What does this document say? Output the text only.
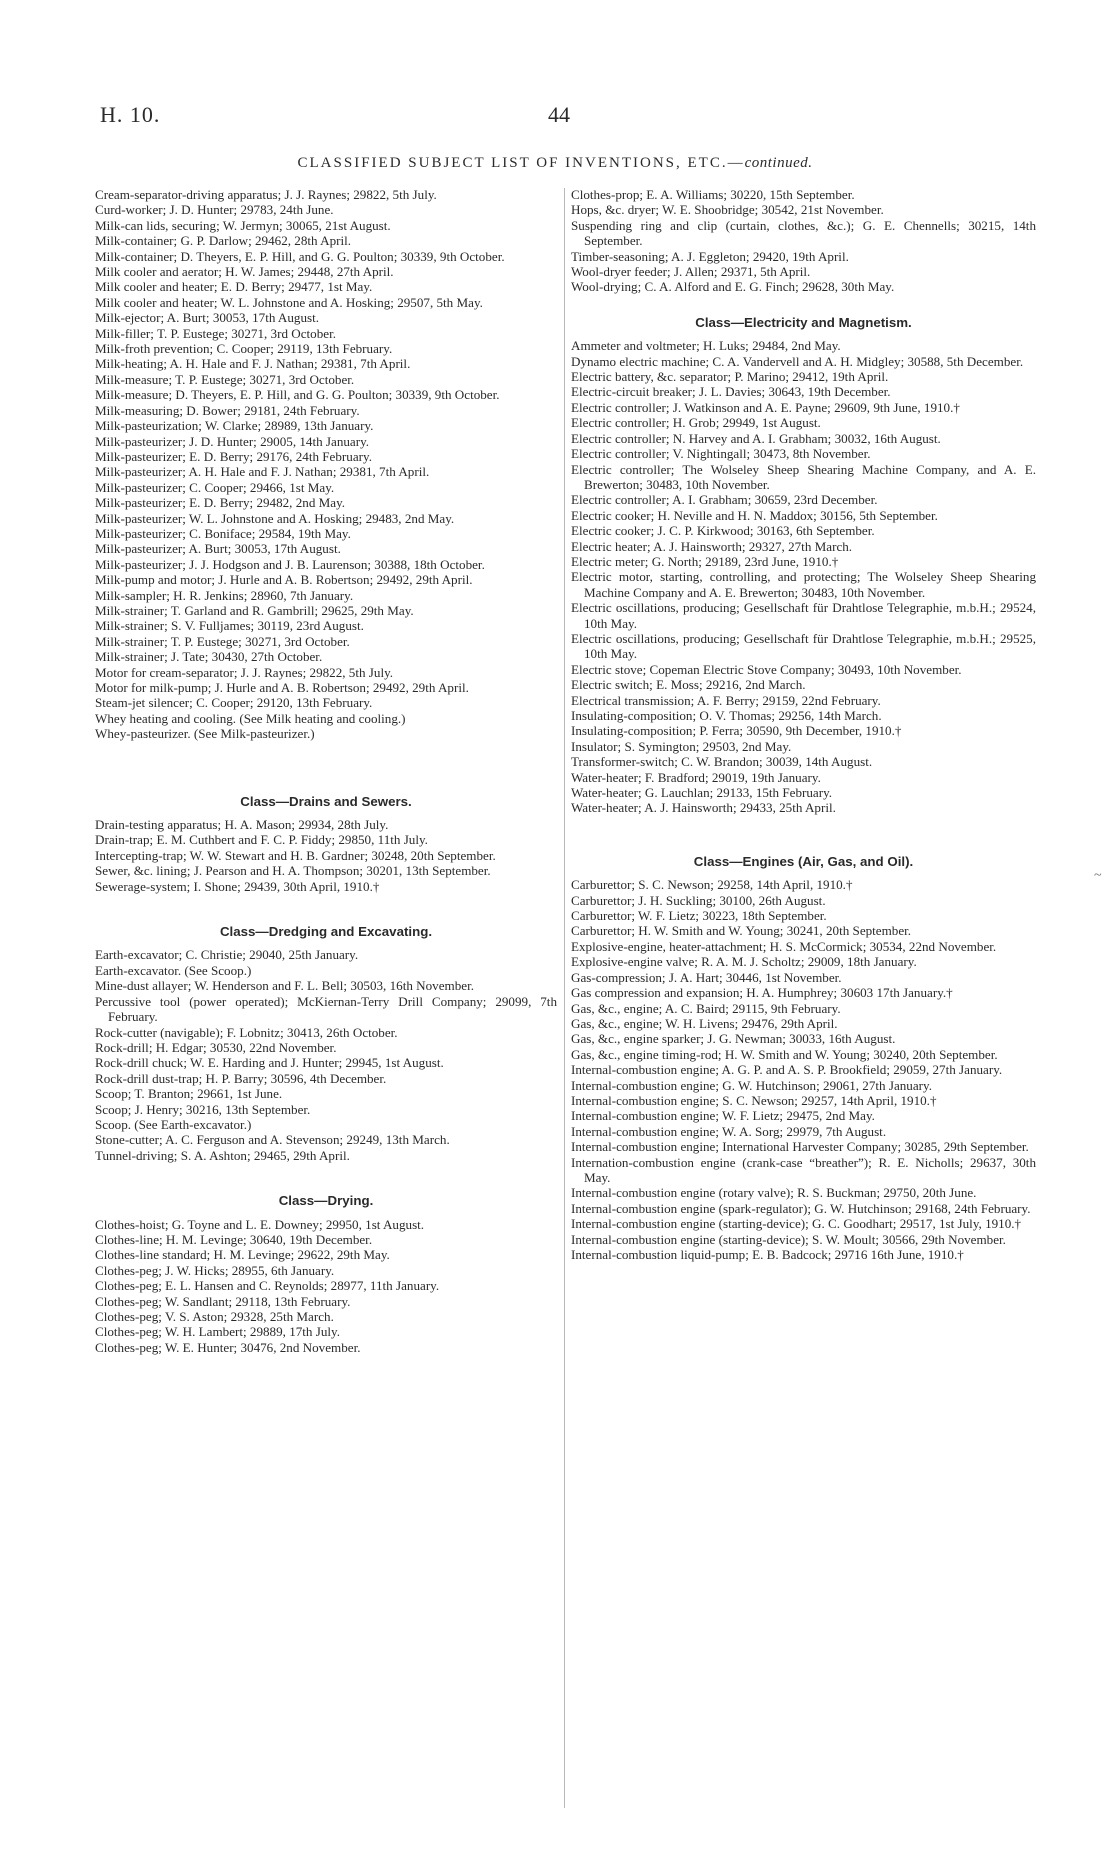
H. 10.	44
CLASSIFIED SUBJECT LIST OF INVENTIONS, ETC.—continued.

Cream-separator-driving apparatus; J. J. Raynes; 29822, 5th July.

Curd-worker; J. D. Hunter; 29783, 24th June.

Milk-can lids, securing; W. Jermyn; 30065, 21st August.

Milk-container; G. P. Darlow; 29462, 28th April.

Milk-container; D. Theyers, E. P. Hill, and G. G. Poulton; 30339, 9th October.

Milk cooler and aerator; H. W. James; 29448, 27th April.

Milk cooler and heater; E. D. Berry; 29477, 1st May.

Milk cooler and heater; W. L. Johnstone and A. Hosking; 29507, 5th May.

Milk-ejector; A. Burt; 30053, 17th August.

Milk-filler; T. P. Eustege; 30271, 3rd October.

Milk-froth prevention; C. Cooper; 29119, 13th February.

Milk-heating; A. H. Hale and F. J. Nathan; 29381, 7th April.

Milk-measure; T. P. Eustege; 30271, 3rd October.

Milk-measure; D. Theyers, E. P. Hill, and G. G. Poulton; 30339, 9th October.

Milk-measuring; D. Bower; 29181, 24th February.

Milk-pasteurization; W. Clarke; 28989, 13th January.

Milk-pasteurizer; J. D. Hunter; 29005, 14th January.

Milk-pasteurizer; E. D. Berry; 29176, 24th February.

Milk-pasteurizer; A. H. Hale and F. J. Nathan; 29381, 7th April.

Milk-pasteurizer; C. Cooper; 29466, 1st May.

Milk-pasteurizer; E. D. Berry; 29482, 2nd May.

Milk-pasteurizer; W. L. Johnstone and A. Hosking; 29483, 2nd May.

Milk-pasteurizer; C. Boniface; 29584, 19th May.

Milk-pasteurizer; A. Burt; 30053, 17th August.

Milk-pasteurizer; J. J. Hodgson and J. B. Laurenson; 30388, 18th October.

Milk-pump and motor; J. Hurle and A. B. Robertson; 29492, 29th April.

Milk-sampler; H. R. Jenkins; 28960, 7th January.

Milk-strainer; T. Garland and R. Gambrill; 29625, 29th May.

Milk-strainer; S. V. Fulljames; 30119, 23rd August.

Milk-strainer; T. P. Eustege; 30271, 3rd October.

Milk-strainer; J. Tate; 30430, 27th October.

Motor for cream-separator; J. J. Raynes; 29822, 5th July.

Motor for milk-pump; J. Hurle and A. B. Robertson; 29492, 29th April.

Steam-jet silencer; C. Cooper; 29120, 13th February.

Whey heating and cooling. (See Milk heating and cooling.)

Whey-pasteurizer. (See Milk-pasteurizer.)

Class—Drains and Sewers.

Drain-testing apparatus; H. A. Mason; 29934, 28th July.

Drain-trap; E. M. Cuthbert and F. C. P. Fiddy; 29850, 11th July.

Intercepting-trap; W. W. Stewart and H. B. Gardner; 30248, 20th September.

Sewer, &c. lining; J. Pearson and H. A. Thompson; 30201, 13th September.

Sewerage-system; I. Shone; 29439, 30th April, 1910.†

Class—Dredging and Excavating.

Earth-excavator; C. Christie; 29040, 25th January.

Earth-excavator. (See Scoop.)

Mine-dust allayer; W. Henderson and F. L. Bell; 30503, 16th November.

Percussive tool (power operated); McKiernan-Terry Drill Company; 29099, 7th February.

Rock-cutter (navigable); F. Lobnitz; 30413, 26th October.

Rock-drill; H. Edgar; 30530, 22nd November.

Rock-drill chuck; W. E. Harding and J. Hunter; 29945, 1st August.

Rock-drill dust-trap; H. P. Barry; 30596, 4th December.

Scoop; T. Branton; 29661, 1st June.

Scoop; J. Henry; 30216, 13th September.

Scoop. (See Earth-excavator.)

Stone-cutter; A. C. Ferguson and A. Stevenson; 29249, 13th March.

Tunnel-driving; S. A. Ashton; 29465, 29th April.

Class—Drying.

Clothes-hoist; G. Toyne and L. E. Downey; 29950, 1st August.

Clothes-line; H. M. Levinge; 30640, 19th December.

Clothes-line standard; H. M. Levinge; 29622, 29th May.

Clothes-peg; J. W. Hicks; 28955, 6th January.

Clothes-peg; E. L. Hansen and C. Reynolds; 28977, 11th January.

Clothes-peg; W. Sandlant; 29118, 13th February.

Clothes-peg; V. S. Aston; 29328, 25th March.

Clothes-peg; W. H. Lambert; 29889, 17th July.

Clothes-peg; W. E. Hunter; 30476, 2nd November.

Clothes-prop; E. A. Williams; 30220, 15th September.

Hops, &c. dryer; W. E. Shoobridge; 30542, 21st November.

Suspending ring and clip (curtain, clothes, &c.); G. E. Chennells; 30215, 14th September.

Timber-seasoning; A. J. Eggleton; 29420, 19th April.

Wool-dryer feeder; J. Allen; 29371, 5th April.

Wool-drying; C. A. Alford and E. G. Finch; 29628, 30th May.

Class—Electricity and Magnetism.

Ammeter and voltmeter; H. Luks; 29484, 2nd May.

Dynamo electric machine; C. A. Vandervell and A. H. Midgley; 30588, 5th December.

Electric battery, &c. separator; P. Marino; 29412, 19th April.

Electric-circuit breaker; J. L. Davies; 30643, 19th December.

Electric controller; J. Watkinson and A. E. Payne; 29609, 9th June, 1910.†

Electric controller; H. Grob; 29949, 1st August.

Electric controller; N. Harvey and A. I. Grabham; 30032, 16th August.

Electric controller; V. Nightingall; 30473, 8th November.

Electric controller; The Wolseley Sheep Shearing Machine Company, and A. E. Brewerton; 30483, 10th November.

Electric controller; A. I. Grabham; 30659, 23rd December.

Electric cooker; H. Neville and H. N. Maddox; 30156, 5th September.

Electric cooker; J. C. P. Kirkwood; 30163, 6th September.

Electric heater; A. J. Hainsworth; 29327, 27th March.

Electric meter; G. North; 29189, 23rd June, 1910.†

Electric motor, starting, controlling, and protecting; The Wolseley Sheep Shearing Machine Company and A. E. Brewerton; 30483, 10th November.

Electric oscillations, producing; Gesellschaft für Drahtlose Telegraphie, m.b.H.; 29524, 10th May.

Electric oscillations, producing; Gesellschaft für Drahtlose Telegraphie, m.b.H.; 29525, 10th May.

Electric stove; Copeman Electric Stove Company; 30493, 10th November.

Electric switch; E. Moss; 29216, 2nd March.

Electrical transmission; A. F. Berry; 29159, 22nd February.

Insulating-composition; O. V. Thomas; 29256, 14th March.

Insulating-composition; P. Ferra; 30590, 9th December, 1910.†

Insulator; S. Symington; 29503, 2nd May.

Transformer-switch; C. W. Brandon; 30039, 14th August.

Water-heater; F. Bradford; 29019, 19th January.

Water-heater; G. Lauchlan; 29133, 15th February.

Water-heater; A. J. Hainsworth; 29433, 25th April.

Class—Engines (Air, Gas, and Oil).

Carburettor; S. C. Newson; 29258, 14th April, 1910.†

Carburettor; J. H. Suckling; 30100, 26th August.

Carburettor; W. F. Lietz; 30223, 18th September.

Carburettor; H. W. Smith and W. Young; 30241, 20th September.

Explosive-engine, heater-attachment; H. S. McCormick; 30534, 22nd November.

Explosive-engine valve; R. A. M. J. Scholtz; 29009, 18th January.

Gas-compression; J. A. Hart; 30446, 1st November.

Gas compression and expansion; H. A. Humphrey; 30603 17th January.†

Gas, &c., engine; A. C. Baird; 29115, 9th February.

Gas, &c., engine; W. H. Livens; 29476, 29th April.

Gas, &c., engine sparker; J. G. Newman; 30033, 16th August.

Gas, &c., engine timing-rod; H. W. Smith and W. Young; 30240, 20th September.

Internal-combustion engine; A. G. P. and A. S. P. Brookfield; 29059, 27th January.

Internal-combustion engine; G. W. Hutchinson; 29061, 27th January.

Internal-combustion engine; S. C. Newson; 29257, 14th April, 1910.†

Internal-combustion engine; W. F. Lietz; 29475, 2nd May.

Internal-combustion engine; W. A. Sorg; 29979, 7th August.

Internal-combustion engine; International Harvester Company; 30285, 29th September.

Internation-combustion engine (crank-case “breather”); R. E. Nicholls; 29637, 30th May.

Internal-combustion engine (rotary valve); R. S. Buckman; 29750, 20th June.

Internal-combustion engine (spark-regulator); G. W. Hutchinson; 29168, 24th February.

Internal-combustion engine (starting-device); G. C. Goodhart; 29517, 1st July, 1910.†

Internal-combustion engine (starting-device); S. W. Moult; 30566, 29th November.

Internal-combustion liquid-pump; E. B. Badcock; 29716 16th June, 1910.†

~
